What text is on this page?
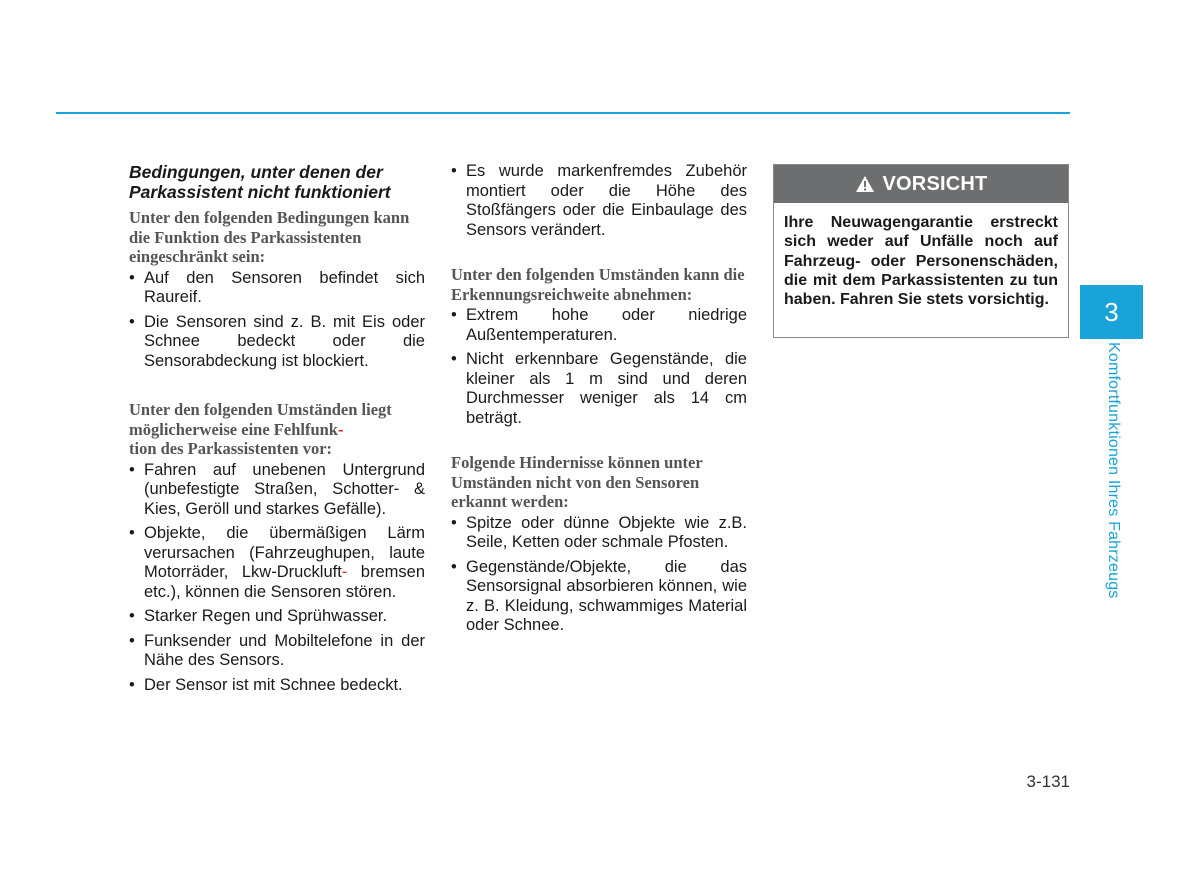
Bedingungen, unter denen der
Parkassistent nicht funktioniert

Unter den folgenden Bedingungen kann die Funktion des Parkassistenten eingeschränkt sein:

• Auf den Sensoren befindet sich Raureif.
• Die Sensoren sind z. B. mit Eis oder Schnee bedeckt oder die Sensorabdeckung ist blockiert.

Unter den folgenden Umständen liegt möglicherweise eine Fehlfunk-
tion des Parkassistenten vor:

• Fahren auf unebenen Untergrund (unbefestigte Straßen, Schotter- & Kies, Geröll und starkes Gefälle).
• Objekte, die übermäßigen Lärm verursachen (Fahrzeughupen, laute Motorräder, Lkw-Druckluft- bremsen etc.), können die Sensoren stören.
• Starker Regen und Sprühwasser.
• Funksender und Mobiltelefone in der Nähe des Sensors.
• Der Sensor ist mit Schnee bedeckt.
• Es wurde markenfremdes Zubehör montiert oder die Höhe des Stoßfängers oder die Einbaulage des Sensors verändert.

Unter den folgenden Umständen kann die Erkennungsreichweite abnehmen:

• Extrem hohe oder niedrige Außentemperaturen.
• Nicht erkennbare Gegenstände, die kleiner als 1 m sind und deren Durchmesser weniger als 14 cm beträgt.

Folgende Hindernisse können unter Umständen nicht von den Sensoren erkannt werden:

• Spitze oder dünne Objekte wie z.B. Seile, Ketten oder schmale Pfosten.
• Gegenstände/Objekte, die das Sensorsignal absorbieren können, wie z. B. Kleidung, schwammiges Material oder Schnee.
VORSICHT
Ihre Neuwagengarantie erstreckt sich weder auf Unfälle noch auf Fahrzeug- oder Personenschäden, die mit dem Parkassistenten zu tun haben. Fahren Sie stets vorsichtig.	3
Komfortfunktionen Ihres Fahrzeugs
3-131
